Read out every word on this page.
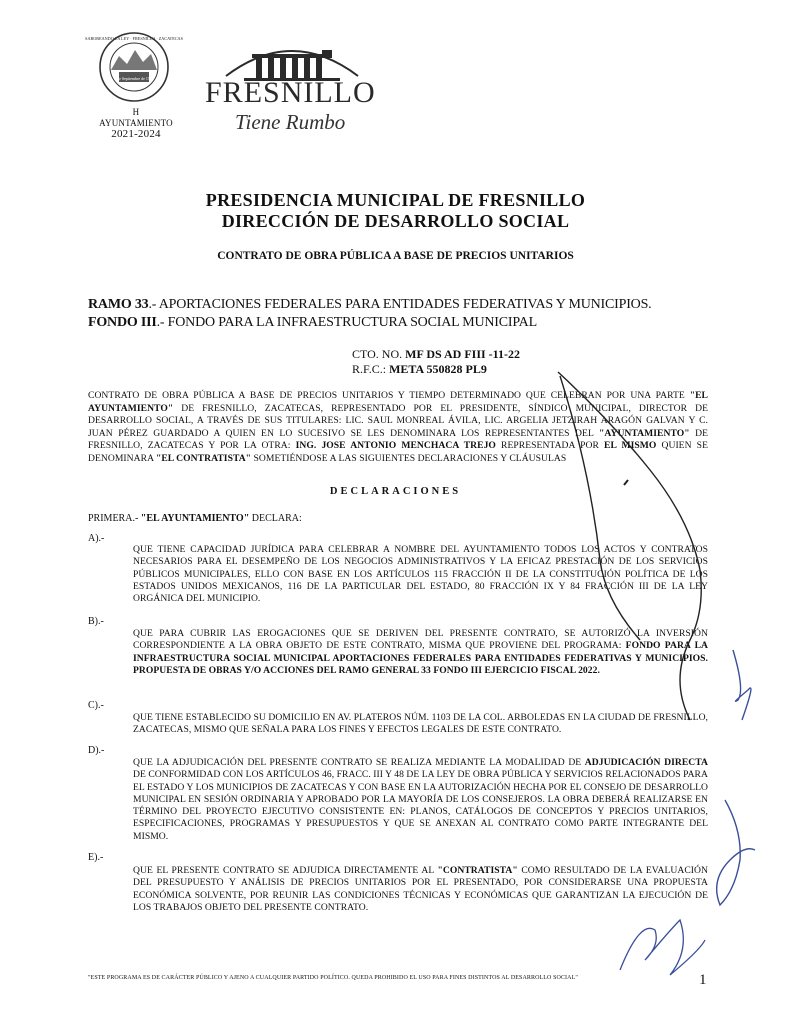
2 de Septiembre de 1554
SABOREANDO LA LEY · FRESNILLO · ZACATECAS
H AYUNTAMIENTO
2021-2024
FRESNILLO
Tiene Rumbo
PRESIDENCIA MUNICIPAL DE FRESNILLO
DIRECCIÓN DE DESARROLLO SOCIAL
CONTRATO DE OBRA PÚBLICA A BASE DE PRECIOS UNITARIOS
RAMO 33.- APORTACIONES FEDERALES PARA ENTIDADES FEDERATIVAS Y MUNICIPIOS.
FONDO III.- FONDO PARA LA INFRAESTRUCTURA SOCIAL MUNICIPAL
CTO. NO. MF DS AD FIII -11-22
R.F.C.: META 550828 PL9
CONTRATO DE OBRA PÚBLICA A BASE DE PRECIOS UNITARIOS Y TIEMPO DETERMINADO QUE CELEBRAN POR UNA PARTE "EL AYUNTAMIENTO" DE FRESNILLO, ZACATECAS, REPRESENTADO POR EL PRESIDENTE, SÍNDICO MUNICIPAL, DIRECTOR DE DESARROLLO SOCIAL, A TRAVÉS DE SUS TITULARES: LIC. SAUL MONREAL ÁVILA, LIC. ARGELIA JETZIRAH ARAGÓN GALVAN Y C. JUAN PÉREZ GUARDADO A QUIEN EN LO SUCESIVO SE LES DENOMINARA LOS REPRESENTANTES DEL "AYUNTAMIENTO" DE FRESNILLO, ZACATECAS Y POR LA OTRA: ING. JOSE ANTONIO MENCHACA TREJO REPRESENTADA POR EL MISMO QUIEN SE DENOMINARA "EL CONTRATISTA" SOMETIÉNDOSE A LAS SIGUIENTES DECLARACIONES Y CLÁUSULAS
DECLARACIONES
PRIMERA.- "EL AYUNTAMIENTO" DECLARA:
A).-
QUE TIENE CAPACIDAD JURÍDICA PARA CELEBRAR A NOMBRE DEL AYUNTAMIENTO TODOS LOS ACTOS Y CONTRATOS NECESARIOS PARA EL DESEMPEÑO DE LOS NEGOCIOS ADMINISTRATIVOS Y LA EFICAZ PRESTACIÓN DE LOS SERVICIOS PÚBLICOS MUNICIPALES, ELLO CON BASE EN LOS ARTÍCULOS 115 FRACCIÓN II DE LA CONSTITUCIÓN POLÍTICA DE LOS ESTADOS UNIDOS MEXICANOS, 116 DE LA PARTICULAR DEL ESTADO, 80 FRACCIÓN IX Y 84 FRACCIÓN III DE LA LEY ORGÁNICA DEL MUNICIPIO.
B).-
QUE PARA CUBRIR LAS EROGACIONES QUE SE DERIVEN DEL PRESENTE CONTRATO, SE AUTORIZÓ LA INVERSIÓN CORRESPONDIENTE A LA OBRA OBJETO DE ESTE CONTRATO, MISMA QUE PROVIENE DEL PROGRAMA: FONDO PARA LA INFRAESTRUCTURA SOCIAL MUNICIPAL APORTACIONES FEDERALES PARA ENTIDADES FEDERATIVAS Y MUNICIPIOS. PROPUESTA DE OBRAS Y/O ACCIONES DEL RAMO GENERAL 33 FONDO III EJERCICIO FISCAL 2022.
C).-
QUE TIENE ESTABLECIDO SU DOMICILIO EN AV. PLATEROS NÚM. 1103 DE LA COL. ARBOLEDAS EN LA CIUDAD DE FRESNILLO, ZACATECAS, MISMO QUE SEÑALA PARA LOS FINES Y EFECTOS LEGALES DE ESTE CONTRATO.
D).-
QUE LA ADJUDICACIÓN DEL PRESENTE CONTRATO SE REALIZA MEDIANTE LA MODALIDAD DE ADJUDICACIÓN DIRECTA DE CONFORMIDAD CON LOS ARTÍCULOS 46, FRACC. III Y 48 DE LA LEY DE OBRA PÚBLICA Y SERVICIOS RELACIONADOS PARA EL ESTADO Y LOS MUNICIPIOS DE ZACATECAS Y CON BASE EN LA AUTORIZACIÓN HECHA POR EL CONSEJO DE DESARROLLO MUNICIPAL EN SESIÓN ORDINARIA Y APROBADO POR LA MAYORÍA DE LOS CONSEJEROS. LA OBRA DEBERÁ REALIZARSE EN TÉRMINO DEL PROYECTO EJECUTIVO CONSISTENTE EN: PLANOS, CATÁLOGOS DE CONCEPTOS Y PRECIOS UNITARIOS, ESPECIFICACIONES, PROGRAMAS Y PRESUPUESTOS Y QUE SE ANEXAN AL CONTRATO COMO PARTE INTEGRANTE DEL MISMO.
E).-
QUE EL PRESENTE CONTRATO SE ADJUDICA DIRECTAMENTE AL "CONTRATISTA" COMO RESULTADO DE LA EVALUACIÓN DEL PRESUPUESTO Y ANÁLISIS DE PRECIOS UNITARIOS POR EL PRESENTADO, POR CONSIDERARSE UNA PROPUESTA ECONÓMICA SOLVENTE, POR REUNIR LAS CONDICIONES TÉCNICAS Y ECONÓMICAS QUE GARANTIZAN LA EJECUCIÓN DE LOS TRABAJOS OBJETO DEL PRESENTE CONTRATO.
"ESTE PROGRAMA ES DE CARÁCTER PÚBLICO Y AJENO A CUALQUIER PARTIDO POLÍTICO. QUEDA PROHIBIDO EL USO PARA FINES DISTINTOS AL DESARROLLO SOCIAL"	1
